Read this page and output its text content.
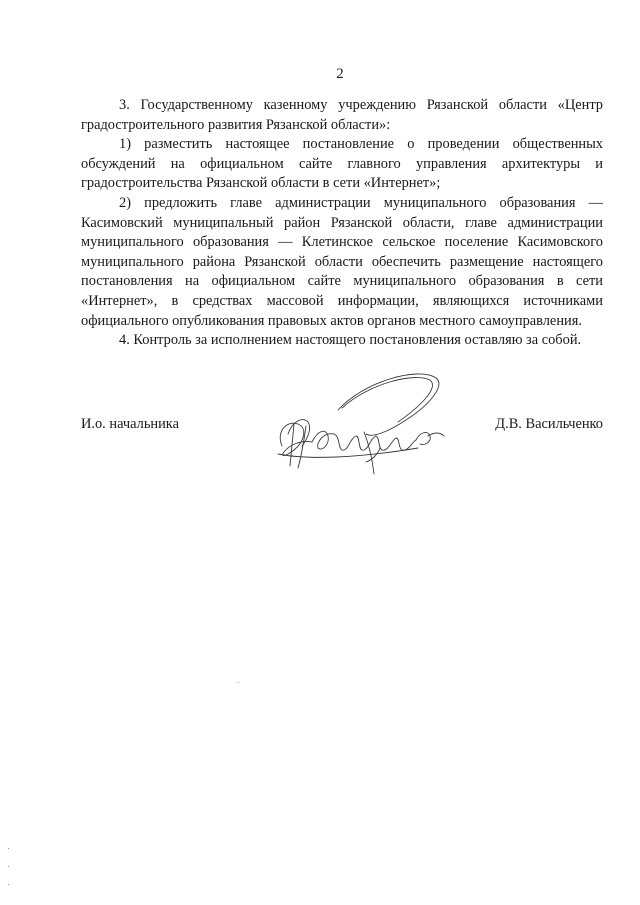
2

3. Государственному казенному учреждению Рязанской области «Центр градостроительного развития Рязанской области»:

1) разместить настоящее постановление о проведении общественных обсуждений на официальном сайте главного управления архитектуры и градостроительства Рязанской области в сети «Интернет»;

2) предложить главе администрации муниципального образования — Касимовский муниципальный район Рязанской области, главе администрации муниципального образования — Клетинское сельское поселение Касимовского муниципального района Рязанской области обеспечить размещение настоящего постановления на официальном сайте муниципального образования в сети «Интернет», в средствах массовой информации, являющихся источниками официального опубликования правовых актов органов местного самоуправления.

4. Контроль за исполнением настоящего постановления оставляю за собой.

И.о. начальника	Д.В. Васильченко
